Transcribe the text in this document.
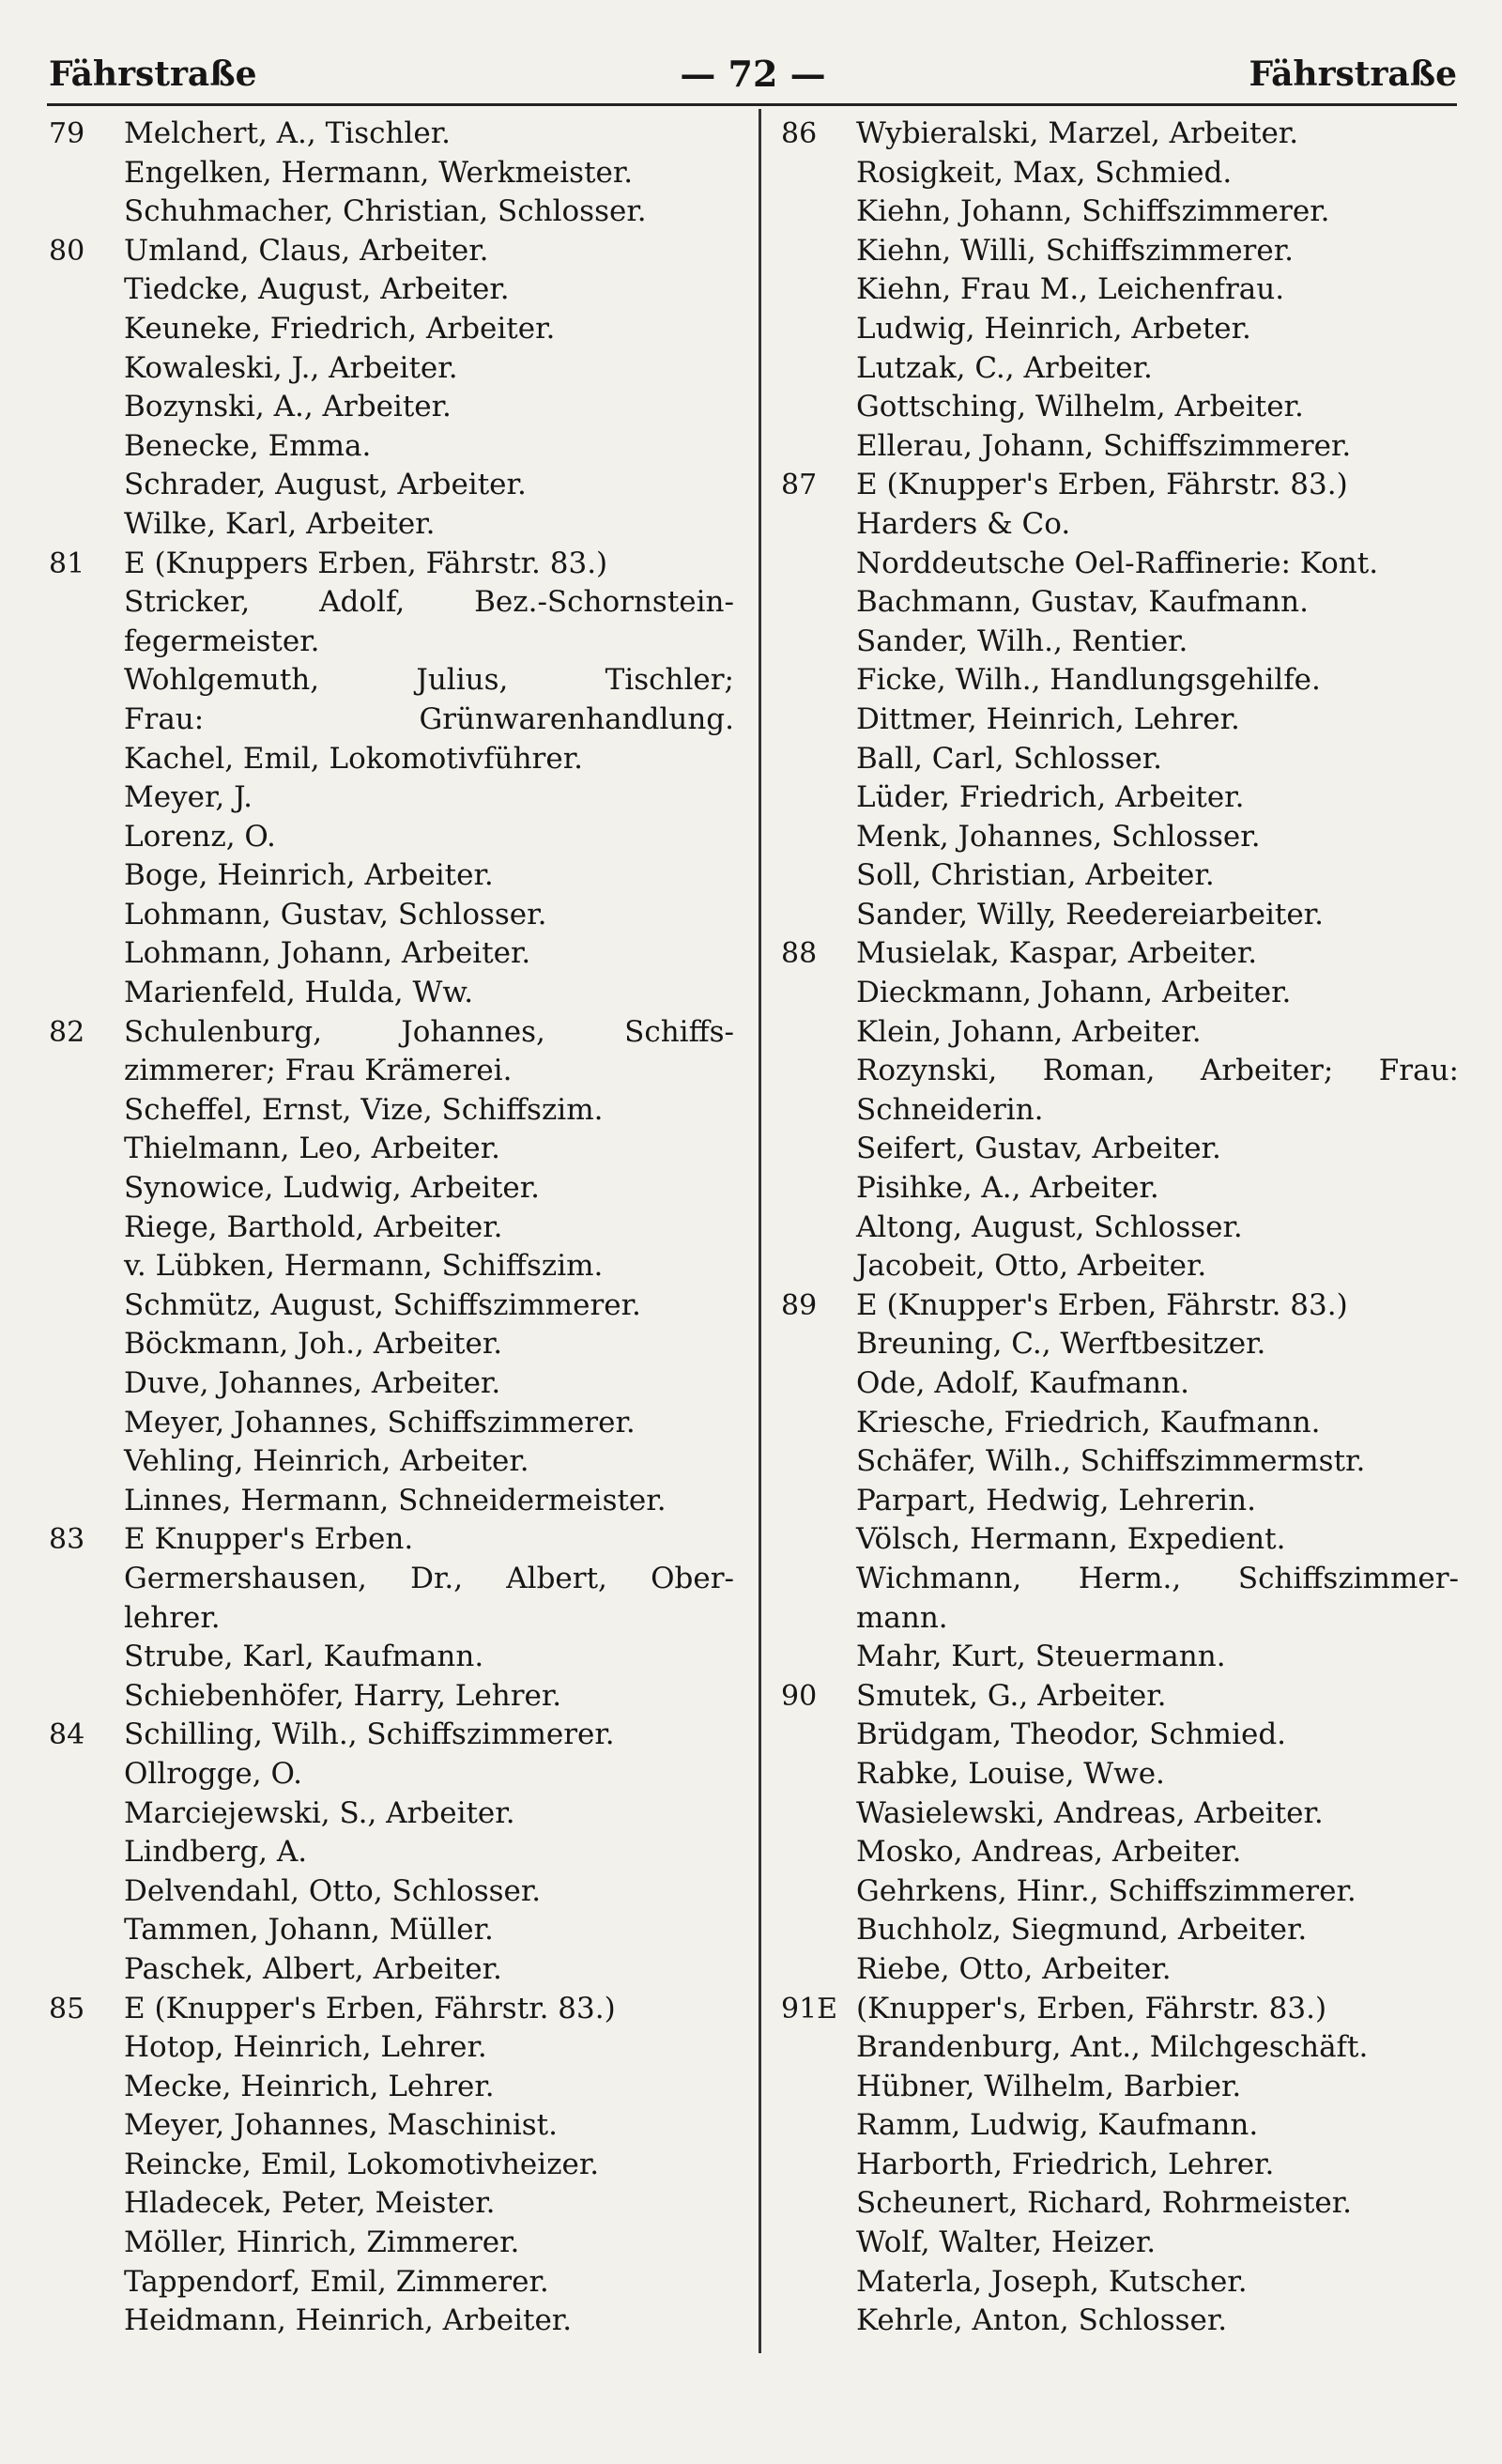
Fährstraße	— 72 —	Fährstraße
79	Melchert, A., Tischler.
Engelken, Hermann, Werkmeister.
Schuhmacher, Christian, Schlosser.
80	Umland, Claus, Arbeiter.
Tiedcke, August, Arbeiter.
Keuneke, Friedrich, Arbeiter.
Kowaleski, J., Arbeiter.
Bozynski, A., Arbeiter.
Benecke, Emma.
Schrader, August, Arbeiter.
Wilke, Karl, Arbeiter.
81	E (Knuppers Erben, Fährstr. 83.)
Stricker, Adolf, Bez.-Schornstein-
fegermeister.
Wohlgemuth, Julius, Tischler;
Frau: Grünwarenhandlung.
Kachel, Emil, Lokomotivführer.
Meyer, J.
Lorenz, O.
Boge, Heinrich, Arbeiter.
Lohmann, Gustav, Schlosser.
Lohmann, Johann, Arbeiter.
Marienfeld, Hulda, Ww.
82	Schulenburg, Johannes, Schiffs-
zimmerer; Frau Krämerei.
Scheffel, Ernst, Vize, Schiffszim.
Thielmann, Leo, Arbeiter.
Synowice, Ludwig, Arbeiter.
Riege, Barthold, Arbeiter.
v. Lübken, Hermann, Schiffszim.
Schmütz, August, Schiffszimmerer.
Böckmann, Joh., Arbeiter.
Duve, Johannes, Arbeiter.
Meyer, Johannes, Schiffszimmerer.
Vehling, Heinrich, Arbeiter.
Linnes, Hermann, Schneidermeister.
83	E Knupper's Erben.
Germershausen, Dr., Albert, Ober-
lehrer.
Strube, Karl, Kaufmann.
Schiebenhöfer, Harry, Lehrer.
84	Schilling, Wilh., Schiffszimmerer.
Ollrogge, O.
Marciejewski, S., Arbeiter.
Lindberg, A.
Delvendahl, Otto, Schlosser.
Tammen, Johann, Müller.
Paschek, Albert, Arbeiter.
85	E (Knupper's Erben, Fährstr. 83.)
Hotop, Heinrich, Lehrer.
Mecke, Heinrich, Lehrer.
Meyer, Johannes, Maschinist.
Reincke, Emil, Lokomotivheizer.
Hladecek, Peter, Meister.
Möller, Hinrich, Zimmerer.
Tappendorf, Emil, Zimmerer.
Heidmann, Heinrich, Arbeiter.
86	Wybieralski, Marzel, Arbeiter.
Rosigkeit, Max, Schmied.
Kiehn, Johann, Schiffszimmerer.
Kiehn, Willi, Schiffszimmerer.
Kiehn, Frau M., Leichenfrau.
Ludwig, Heinrich, Arbeter.
Lutzak, C., Arbeiter.
Gottsching, Wilhelm, Arbeiter.
Ellerau, Johann, Schiffszimmerer.
87	E (Knupper's Erben, Fährstr. 83.)
Harders & Co.
Norddeutsche Oel-Raffinerie: Kont.
Bachmann, Gustav, Kaufmann.
Sander, Wilh., Rentier.
Ficke, Wilh., Handlungsgehilfe.
Dittmer, Heinrich, Lehrer.
Ball, Carl, Schlosser.
Lüder, Friedrich, Arbeiter.
Menk, Johannes, Schlosser.
Soll, Christian, Arbeiter.
Sander, Willy, Reedereiarbeiter.
88	Musielak, Kaspar, Arbeiter.
Dieckmann, Johann, Arbeiter.
Klein, Johann, Arbeiter.
Rozynski, Roman, Arbeiter; Frau:
Schneiderin.
Seifert, Gustav, Arbeiter.
Pisihke, A., Arbeiter.
Altong, August, Schlosser.
Jacobeit, Otto, Arbeiter.
89	E (Knupper's Erben, Fährstr. 83.)
Breuning, C., Werftbesitzer.
Ode, Adolf, Kaufmann.
Kriesche, Friedrich, Kaufmann.
Schäfer, Wilh., Schiffszimmermstr.
Parpart, Hedwig, Lehrerin.
Völsch, Hermann, Expedient.
Wichmann, Herm., Schiffszimmer-
mann.
Mahr, Kurt, Steuermann.
90	Smutek, G., Arbeiter.
Brüdgam, Theodor, Schmied.
Rabke, Louise, Wwe.
Wasielewski, Andreas, Arbeiter.
Mosko, Andreas, Arbeiter.
Gehrkens, Hinr., Schiffszimmerer.
Buchholz, Siegmund, Arbeiter.
Riebe, Otto, Arbeiter.
91E (Knupper's, Erben, Fährstr. 83.)
Brandenburg, Ant., Milchgeschäft.
Hübner, Wilhelm, Barbier.
Ramm, Ludwig, Kaufmann.
Harborth, Friedrich, Lehrer.
Scheunert, Richard, Rohrmeister.
Wolf, Walter, Heizer.
Materla, Joseph, Kutscher.
Kehrle, Anton, Schlosser.
